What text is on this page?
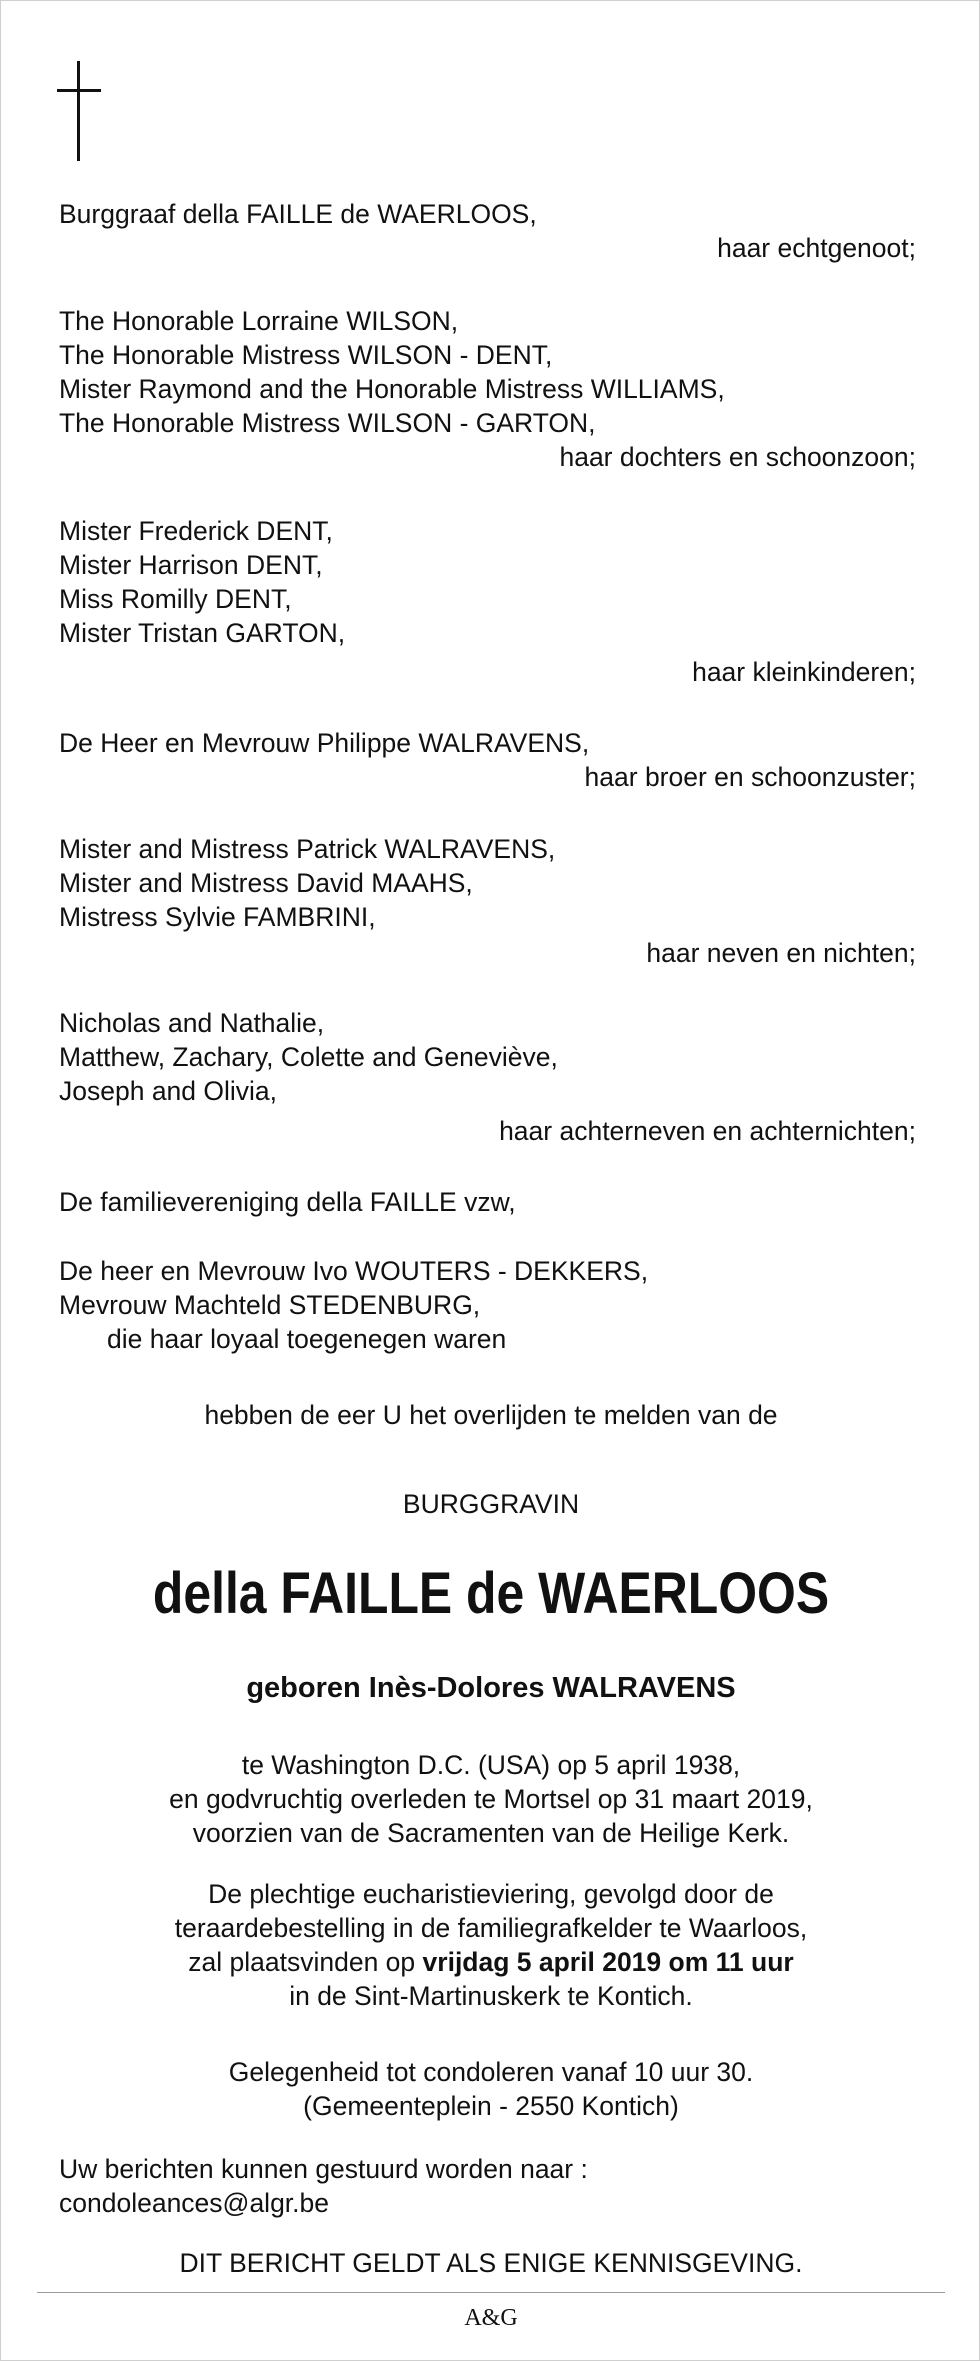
Burggraaf della FAILLE de WAERLOOS,
haar echtgenoot;
The Honorable Lorraine WILSON,
The Honorable Mistress WILSON - DENT,
Mister Raymond and the Honorable Mistress WILLIAMS,
The Honorable Mistress WILSON - GARTON,
haar dochters en schoonzoon;
Mister Frederick DENT,
Mister Harrison DENT,
Miss Romilly DENT,
Mister Tristan GARTON,
haar kleinkinderen;
De Heer en Mevrouw Philippe WALRAVENS,
haar broer en schoonzuster;
Mister and Mistress Patrick WALRAVENS,
Mister and Mistress David MAAHS,
Mistress Sylvie FAMBRINI,
haar neven en nichten;
Nicholas and Nathalie,
Matthew, Zachary, Colette and Geneviève,
Joseph and Olivia,
haar achterneven en achternichten;
De familievereniging della FAILLE vzw,
De heer en Mevrouw Ivo WOUTERS - DEKKERS,
Mevrouw Machteld STEDENBURG,
die haar loyaal toegenegen waren
hebben de eer U het overlijden te melden van de
BURGGRAVIN
della FAILLE de WAERLOOS
geboren Inès-Dolores WALRAVENS
te Washington D.C. (USA) op 5 april 1938,
en godvruchtig overleden te Mortsel op 31 maart 2019,
voorzien van de Sacramenten van de Heilige Kerk.
De plechtige eucharistieviering, gevolgd door de
teraardebestelling in de familiegrafkelder te Waarloos,
zal plaatsvinden op vrijdag 5 april 2019 om 11 uur
in de Sint-Martinuskerk te Kontich.
Gelegenheid tot condoleren vanaf 10 uur 30.
(Gemeenteplein - 2550 Kontich)
Uw berichten kunnen gestuurd worden naar :
condoleances@algr.be
DIT BERICHT GELDT ALS ENIGE KENNISGEVING.
A&G
